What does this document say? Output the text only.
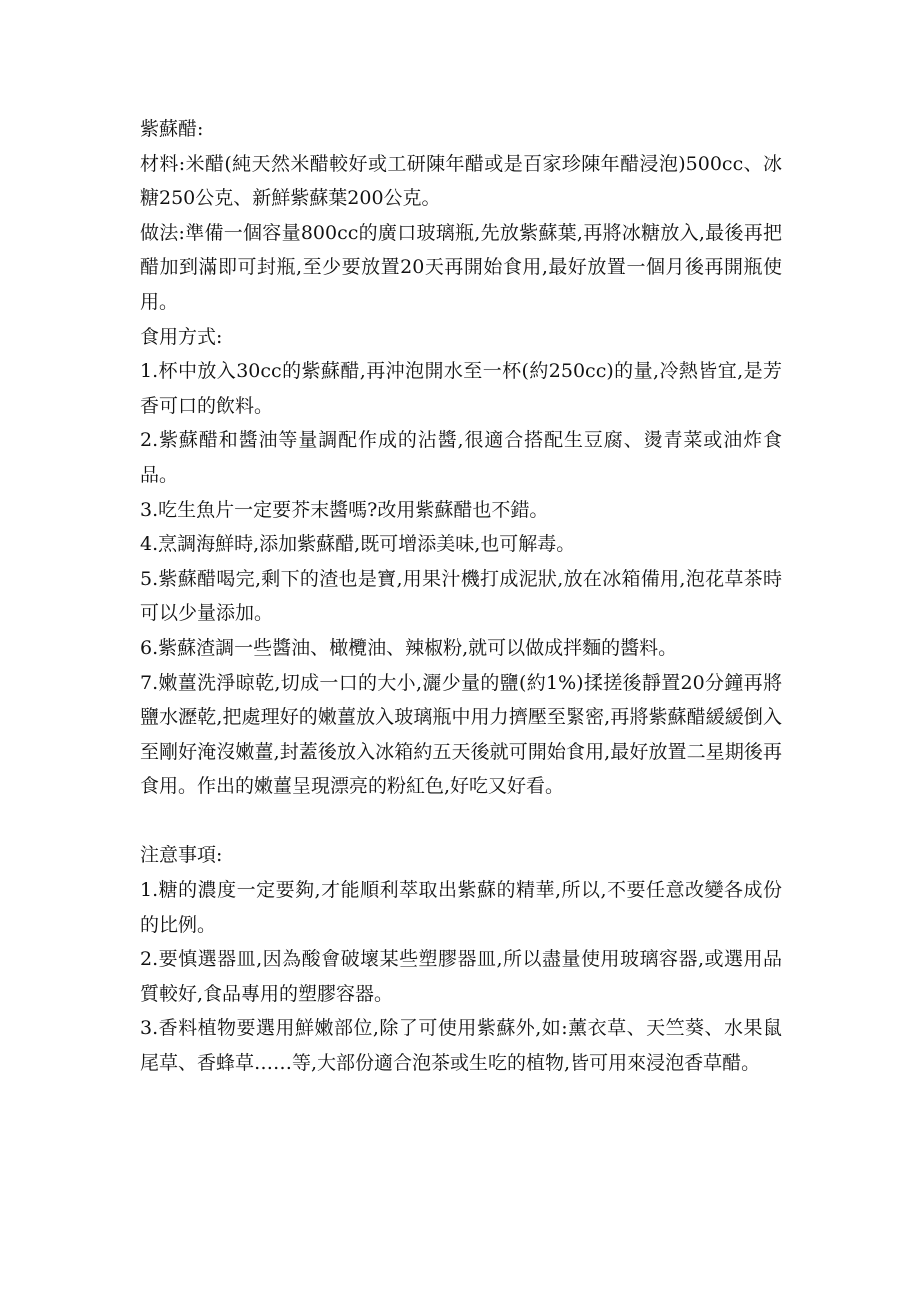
紫蘇醋:

材料:米醋(純天然米醋較好或工研陳年醋或是百家珍陳年醋浸泡)500cc、冰糖250公克、新鮮紫蘇葉200公克。

做法:準備一個容量800cc的廣口玻璃瓶,先放紫蘇葉,再將冰糖放入,最後再把醋加到滿即可封瓶,至少要放置20天再開始食用,最好放置一個月後再開瓶使用。

食用方式:

1.杯中放入30cc的紫蘇醋,再沖泡開水至一杯(約250cc)的量,冷熱皆宜,是芳香可口的飲料。

2.紫蘇醋和醬油等量調配作成的沾醬,很適合搭配生豆腐、燙青菜或油炸食品。

3.吃生魚片一定要芥末醬嗎?改用紫蘇醋也不錯。

4.烹調海鮮時,添加紫蘇醋,既可增添美味,也可解毒。

5.紫蘇醋喝完,剩下的渣也是寶,用果汁機打成泥狀,放在冰箱備用,泡花草茶時可以少量添加。

6.紫蘇渣調一些醬油、橄欖油、辣椒粉,就可以做成拌麵的醬料。

7.嫩薑洗淨晾乾,切成一口的大小,灑少量的鹽(約1%)揉搓後靜置20分鐘再將鹽水瀝乾,把處理好的嫩薑放入玻璃瓶中用力擠壓至緊密,再將紫蘇醋緩緩倒入至剛好淹沒嫩薑,封蓋後放入冰箱約五天後就可開始食用,最好放置二星期後再食用。作出的嫩薑呈現漂亮的粉紅色,好吃又好看。

注意事項:

1.糖的濃度一定要夠,才能順利萃取出紫蘇的精華,所以,不要任意改變各成份的比例。

2.要慎選器皿,因為酸會破壞某些塑膠器皿,所以盡量使用玻璃容器,或選用品質較好,食品專用的塑膠容器。

3.香料植物要選用鮮嫩部位,除了可使用紫蘇外,如:薰衣草、天竺葵、水果鼠尾草、香蜂草……等,大部份適合泡茶或生吃的植物,皆可用來浸泡香草醋。
